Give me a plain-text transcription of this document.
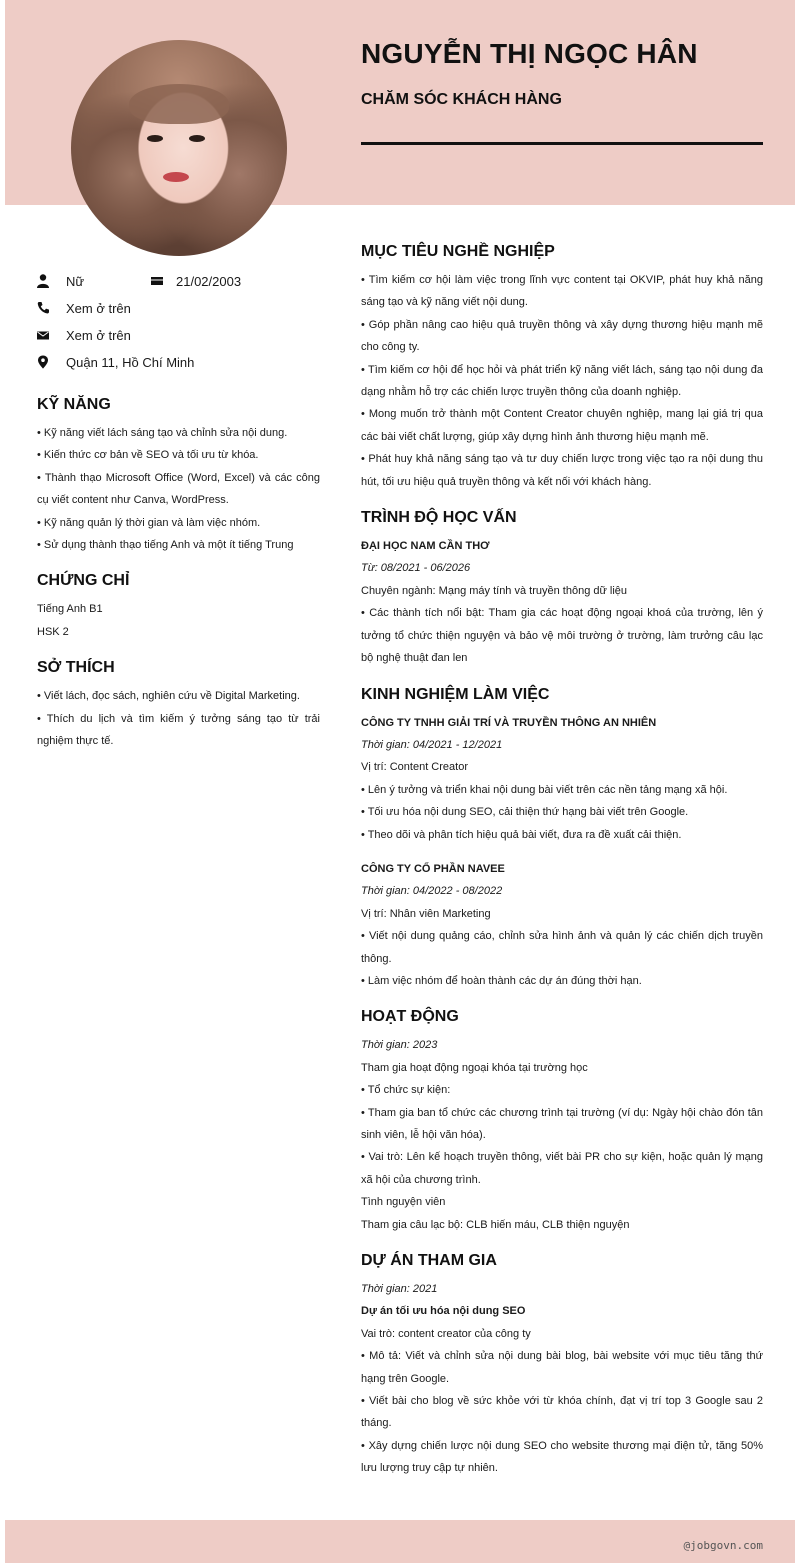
NGUYỄN THỊ NGỌC HÂN
CHĂM SÓC KHÁCH HÀNG
Nữ	21/02/2003
Xem ở trên
Xem ở trên
Quận 11, Hồ Chí Minh
KỸ NĂNG

• Kỹ năng viết lách sáng tạo và chỉnh sửa nội dung.

• Kiến thức cơ bản về SEO và tối ưu từ khóa.

• Thành thạo Microsoft Office (Word, Excel) và các công cụ viết content như Canva, WordPress.

• Kỹ năng quản lý thời gian và làm việc nhóm.

• Sử dụng thành thạo tiếng Anh và một ít tiếng Trung

CHỨNG CHỈ

Tiếng Anh B1

HSK 2

SỞ THÍCH

• Viết lách, đọc sách, nghiên cứu về Digital Marketing.

• Thích du lịch và tìm kiếm ý tưởng sáng tạo từ trải nghiệm thực tế.

MỤC TIÊU NGHỀ NGHIỆP

• Tìm kiếm cơ hội làm việc trong lĩnh vực content tại OKVIP, phát huy khả năng sáng tạo và kỹ năng viết nội dung.

• Góp phần nâng cao hiệu quả truyền thông và xây dựng thương hiệu mạnh mẽ cho công ty.

• Tìm kiếm cơ hội để học hỏi và phát triển kỹ năng viết lách, sáng tạo nội dung đa dạng nhằm hỗ trợ các chiến lược truyền thông của doanh nghiệp.

• Mong muốn trở thành một Content Creator chuyên nghiệp, mang lại giá trị qua các bài viết chất lượng, giúp xây dựng hình ảnh thương hiệu mạnh mẽ.

• Phát huy khả năng sáng tạo và tư duy chiến lược trong việc tạo ra nội dung thu hút, tối ưu hiệu quả truyền thông và kết nối với khách hàng.

TRÌNH ĐỘ HỌC VẤN

ĐẠI HỌC NAM CẦN THƠ

Từ: 08/2021 - 06/2026

Chuyên ngành: Mạng máy tính và truyền thông dữ liệu

• Các thành tích nổi bật: Tham gia các hoạt động ngoại khoá của trường, lên ý tưởng tổ chức thiện nguyện và bảo vệ môi trường ở trường, làm trưởng câu lạc bộ nghệ thuật đan len

KINH NGHIỆM LÀM VIỆC

CÔNG TY TNHH GIẢI TRÍ VÀ TRUYỀN THÔNG AN NHIÊN

Thời gian: 04/2021 - 12/2021

Vị trí: Content Creator

• Lên ý tưởng và triển khai nội dung bài viết trên các nền tảng mạng xã hội.

• Tối ưu hóa nội dung SEO, cải thiện thứ hạng bài viết trên Google.

• Theo dõi và phân tích hiệu quả bài viết, đưa ra đề xuất cải thiện.

CÔNG TY CỔ PHẦN NAVEE

Thời gian: 04/2022 - 08/2022

Vị trí: Nhân viên Marketing

• Viết nội dung quảng cáo, chỉnh sửa hình ảnh và quản lý các chiến dịch truyền thông.

• Làm việc nhóm để hoàn thành các dự án đúng thời hạn.

HOẠT ĐỘNG

Thời gian: 2023

Tham gia hoạt động ngoại khóa tại trường học

• Tổ chức sự kiện:

• Tham gia ban tổ chức các chương trình tại trường (ví dụ: Ngày hội chào đón tân sinh viên, lễ hội văn hóa).

• Vai trò: Lên kế hoạch truyền thông, viết bài PR cho sự kiện, hoặc quản lý mạng xã hội của chương trình.

Tình nguyện viên

Tham gia câu lạc bộ: CLB hiến máu, CLB thiện nguyện

DỰ ÁN THAM GIA

Thời gian: 2021

Dự án tối ưu hóa nội dung SEO

Vai trò: content creator của công ty

• Mô tả: Viết và chỉnh sửa nội dung bài blog, bài website với mục tiêu tăng thứ hạng trên Google.

• Viết bài cho blog về sức khỏe với từ khóa chính, đạt vị trí top 3 Google sau 2 tháng.

• Xây dựng chiến lược nội dung SEO cho website thương mại điện tử, tăng 50% lưu lượng truy cập tự nhiên.

@jobgovn.com
